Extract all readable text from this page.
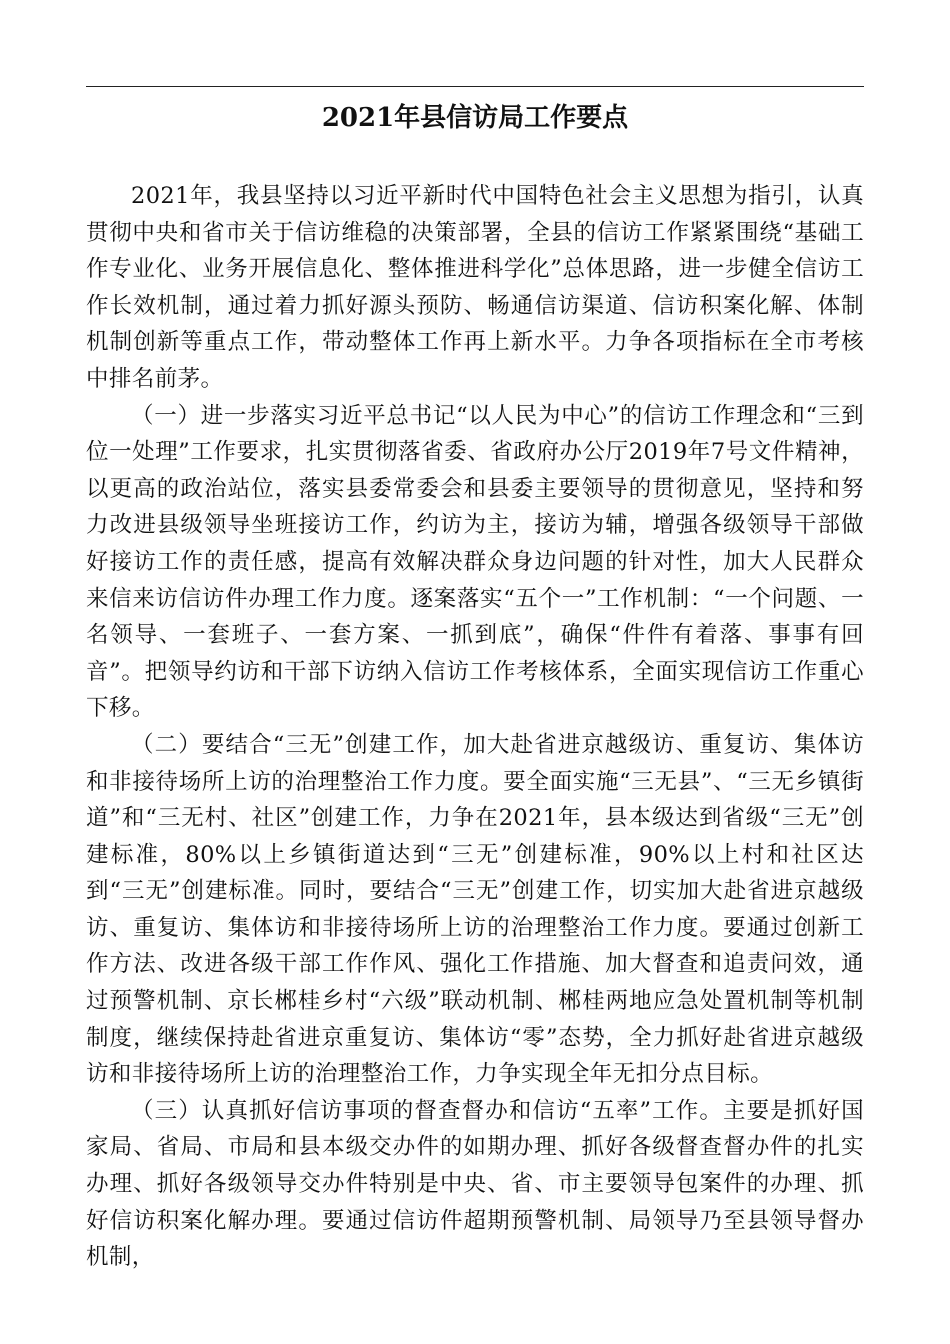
2021年县信访局工作要点

2021年，我县坚持以习近平新时代中国特色社会主义思想为指引，认真贯彻中央和省市关于信访维稳的决策部署，全县的信访工作紧紧围绕“基础工作专业化、业务开展信息化、整体推进科学化”总体思路，进一步健全信访工作长效机制，通过着力抓好源头预防、畅通信访渠道、信访积案化解、体制机制创新等重点工作，带动整体工作再上新水平。力争各项指标在全市考核中排名前茅。

（一）进一步落实习近平总书记“以人民为中心”的信访工作理念和“三到位一处理”工作要求，扎实贯彻落省委、省政府办公厅2019年7号文件精神，以更高的政治站位，落实县委常委会和县委主要领导的贯彻意见，坚持和努力改进县级领导坐班接访工作，约访为主，接访为辅，增强各级领导干部做好接访工作的责任感，提高有效解决群众身边问题的针对性，加大人民群众来信来访信访件办理工作力度。逐案落实“五个一”工作机制：“一个问题、一名领导、一套班子、一套方案、一抓到底”，确保“件件有着落、事事有回音”。把领导约访和干部下访纳入信访工作考核体系，全面实现信访工作重心下移。

（二）要结合“三无”创建工作，加大赴省进京越级访、重复访、集体访和非接待场所上访的治理整治工作力度。要全面实施“三无县”、“三无乡镇街道”和“三无村、社区”创建工作，力争在2021年，县本级达到省级“三无”创建标准，80%以上乡镇街道达到“三无”创建标准，90%以上村和社区达到“三无”创建标准。同时，要结合“三无”创建工作，切实加大赴省进京越级访、重复访、集体访和非接待场所上访的治理整治工作力度。要通过创新工作方法、改进各级干部工作作风、强化工作措施、加大督查和追责问效，通过预警机制、京长郴桂乡村“六级”联动机制、郴桂两地应急处置机制等机制制度，继续保持赴省进京重复访、集体访“零”态势，全力抓好赴省进京越级访和非接待场所上访的治理整治工作，力争实现全年无扣分点目标。

（三）认真抓好信访事项的督查督办和信访“五率”工作。主要是抓好国家局、省局、市局和县本级交办件的如期办理、抓好各级督查督办件的扎实办理、抓好各级领导交办件特别是中央、省、市主要领导包案件的办理、抓好信访积案化解办理。要通过信访件超期预警机制、局领导乃至县领导督办机制，
